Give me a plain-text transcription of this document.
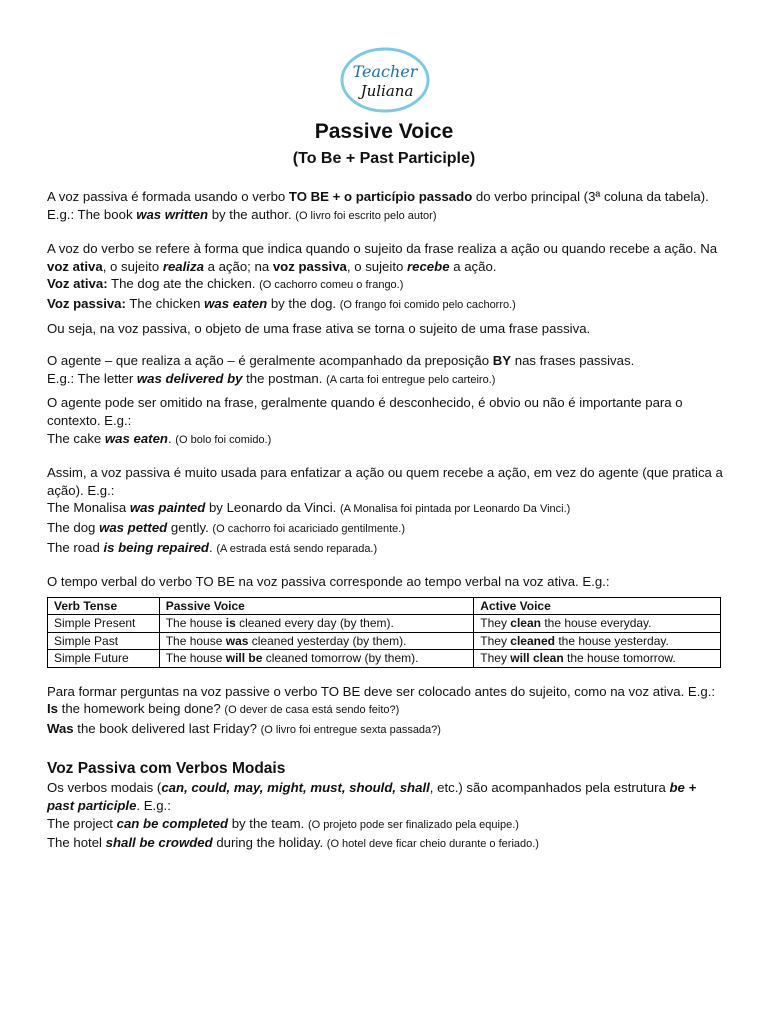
Teacher
Juliana
Passive Voice
(To Be + Past Participle)

A voz passiva é formada usando o verbo TO BE + o particípio passado do verbo principal (3ª coluna da tabela). E.g.: The book was written by the author. (O livro foi escrito pelo autor)

A voz do verbo se refere à forma que indica quando o sujeito da frase realiza a ação ou quando recebe a ação. Na voz ativa, o sujeito realiza a ação; na voz passiva, o sujeito recebe a ação.

Voz ativa: The dog ate the chicken. (O cachorro comeu o frango.)

Voz passiva: The chicken was eaten by the dog. (O frango foi comido pelo cachorro.)

Ou seja, na voz passiva, o objeto de uma frase ativa se torna o sujeito de uma frase passiva.

O agente – que realiza a ação – é geralmente acompanhado da preposição BY nas frases passivas.

E.g.: The letter was delivered by the postman. (A carta foi entregue pelo carteiro.)

O agente pode ser omitido na frase, geralmente quando é desconhecido, é obvio ou não é importante para o contexto. E.g.:

The cake was eaten. (O bolo foi comido.)

Assim, a voz passiva é muito usada para enfatizar a ação ou quem recebe a ação, em vez do agente (que pratica a ação). E.g.:

The Monalisa was painted by Leonardo da Vinci. (A Monalisa foi pintada por Leonardo Da Vinci.)

The dog was petted gently. (O cachorro foi acariciado gentilmente.)

The road is being repaired. (A estrada está sendo reparada.)

O tempo verbal do verbo TO BE na voz passiva corresponde ao tempo verbal na voz ativa. E.g.:

Verb Tense	Passive Voice	Active Voice
Simple Present	The house is cleaned every day (by them).	They clean the house everyday.
Simple Past	The house was cleaned yesterday (by them).	They cleaned the house yesterday.
Simple Future	The house will be cleaned tomorrow (by them).	They will clean the house tomorrow.

Para formar perguntas na voz passive o verbo TO BE deve ser colocado antes do sujeito, como na voz ativa. E.g.:

Is the homework being done? (O dever de casa está sendo feito?)

Was the book delivered last Friday? (O livro foi entregue sexta passada?)

Voz Passiva com Verbos Modais

Os verbos modais (can, could, may, might, must, should, shall, etc.) são acompanhados pela estrutura be + past participle. E.g.:

The project can be completed by the team. (O projeto pode ser finalizado pela equipe.)

The hotel shall be crowded during the holiday. (O hotel deve ficar cheio durante o feriado.)
